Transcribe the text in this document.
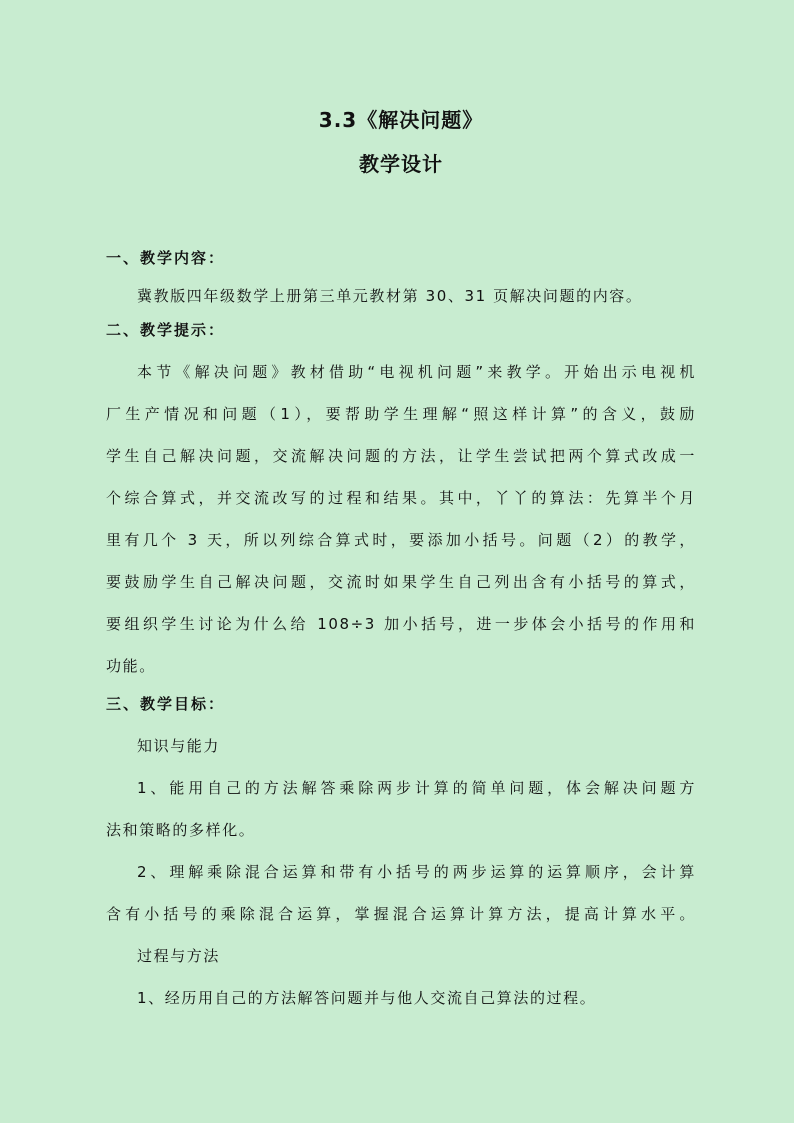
3.3《解决问题》
教学设计
一、教学内容：
冀教版四年级数学上册第三单元教材第 30、31 页解决问题的内容。
二、教学提示：
本节《解决问题》教材借助“电视机问题”来教学。开始出示电视机
厂生产情况和问题（1），要帮助学生理解“照这样计算”的含义，鼓励
学生自己解决问题，交流解决问题的方法，让学生尝试把两个算式改成一
个综合算式，并交流改写的过程和结果。其中，丫丫的算法：先算半个月
里有几个 3 天，所以列综合算式时，要添加小括号。问题（2）的教学，
要鼓励学生自己解决问题，交流时如果学生自己列出含有小括号的算式，
要组织学生讨论为什么给 108÷3 加小括号，进一步体会小括号的作用和
功能。
三、教学目标：
知识与能力
1、能用自己的方法解答乘除两步计算的简单问题，体会解决问题方
法和策略的多样化。
2、理解乘除混合运算和带有小括号的两步运算的运算顺序，会计算
含有小括号的乘除混合运算，掌握混合运算计算方法，提高计算水平。
过程与方法
1、经历用自己的方法解答问题并与他人交流自己算法的过程。
